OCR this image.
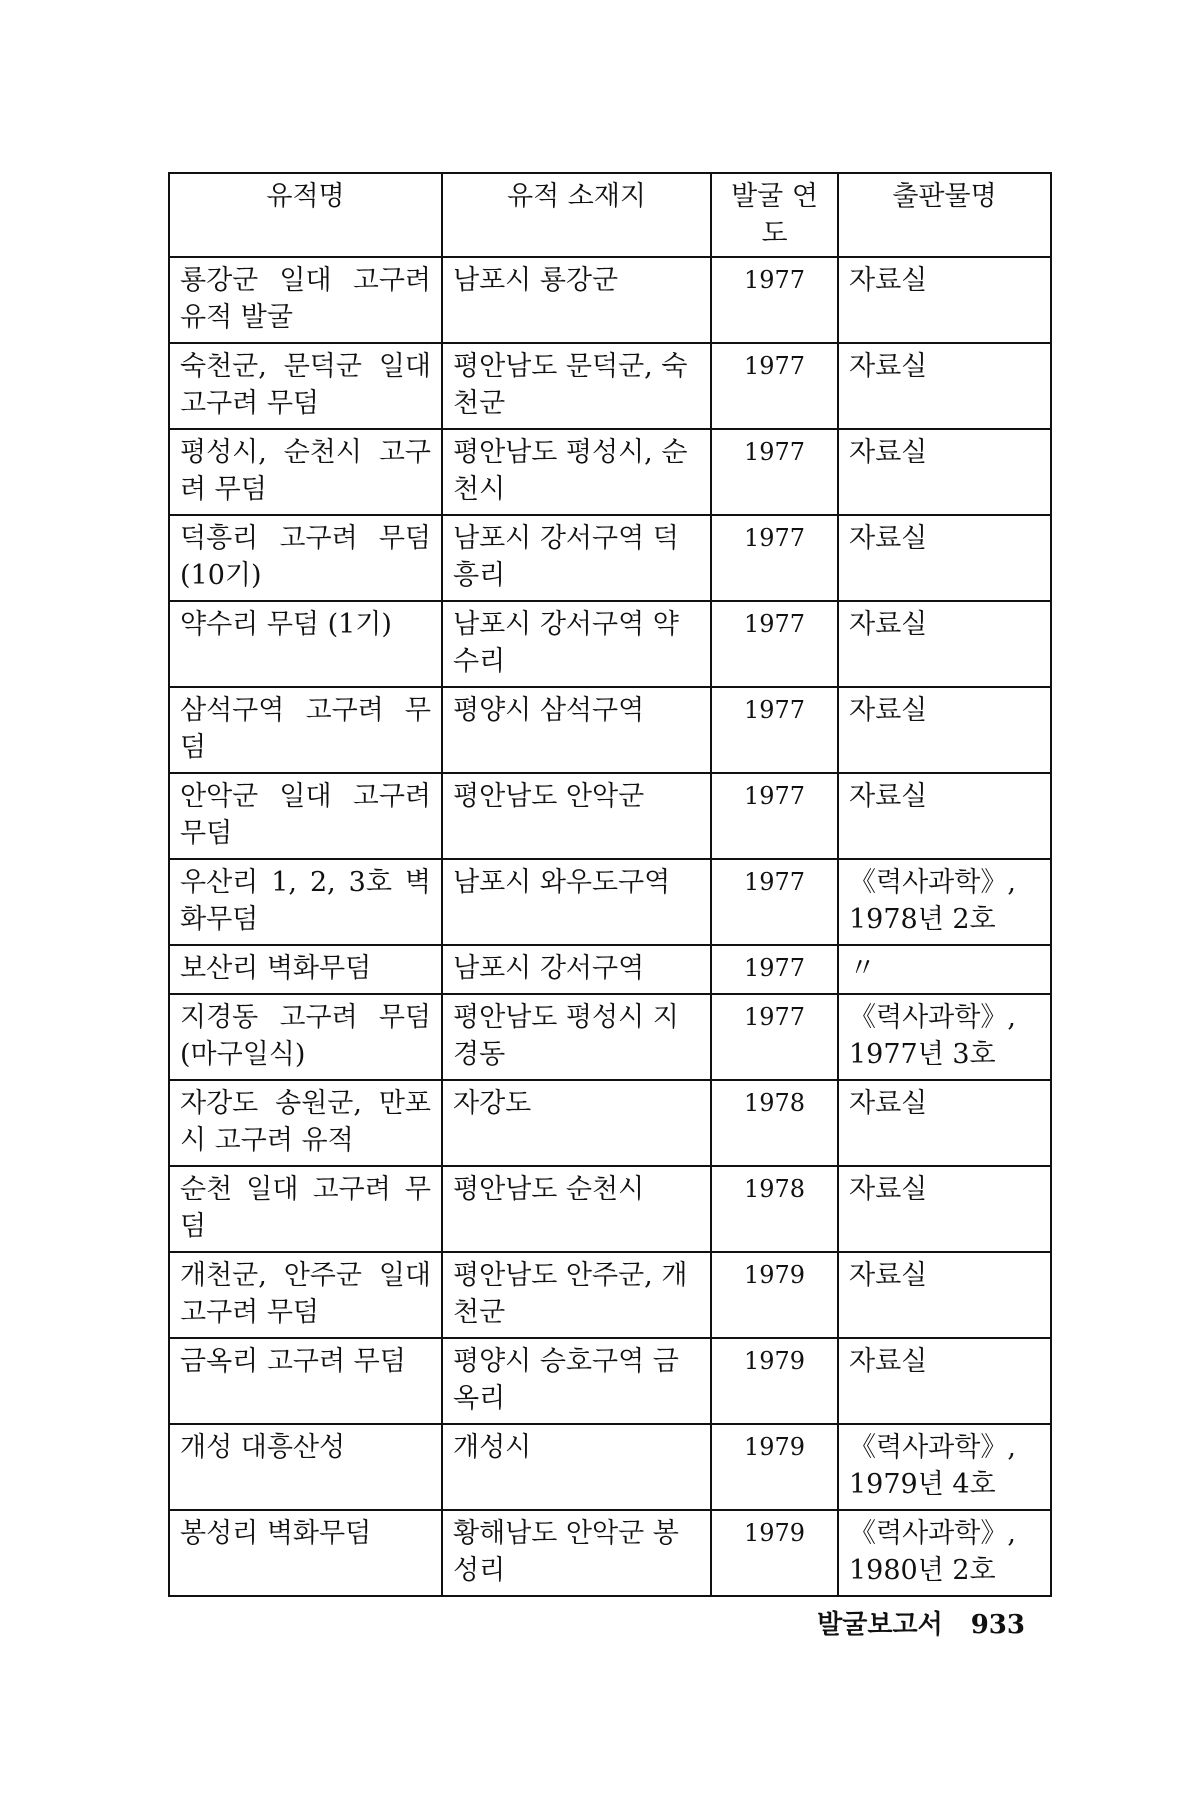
유적명	유적 소재지	발굴 연도	출판물명
룡강군 일대 고구려 유적 발굴	남포시 룡강군	1977	자료실
숙천군, 문덕군 일대 고구려 무덤	평안남도 문덕군, 숙천군	1977	자료실
평성시, 순천시 고구려 무덤	평안남도 평성시, 순천시	1977	자료실
덕흥리 고구려 무덤 (10기)	남포시 강서구역 덕흥리	1977	자료실
약수리 무덤 (1기)	남포시 강서구역 약수리	1977	자료실
삼석구역 고구려 무덤	평양시 삼석구역	1977	자료실
안악군 일대 고구려 무덤	평안남도 안악군	1977	자료실
우산리 1, 2, 3호 벽화무덤	남포시 와우도구역	1977	《력사과학》, 1978년 2호
보산리 벽화무덤	남포시 강서구역	1977	〃
지경동 고구려 무덤 (마구일식)	평안남도 평성시 지경동	1977	《력사과학》, 1977년 3호
자강도 송원군, 만포시 고구려 유적	자강도	1978	자료실
순천 일대 고구려 무덤	평안남도 순천시	1978	자료실
개천군, 안주군 일대 고구려 무덤	평안남도 안주군, 개천군	1979	자료실
금옥리 고구려 무덤	평양시 승호구역 금옥리	1979	자료실
개성 대흥산성	개성시	1979	《력사과학》, 1979년 4호
봉성리 벽화무덤	황해남도 안악군 봉성리	1979	《력사과학》, 1980년 2호
발굴보고서 933
